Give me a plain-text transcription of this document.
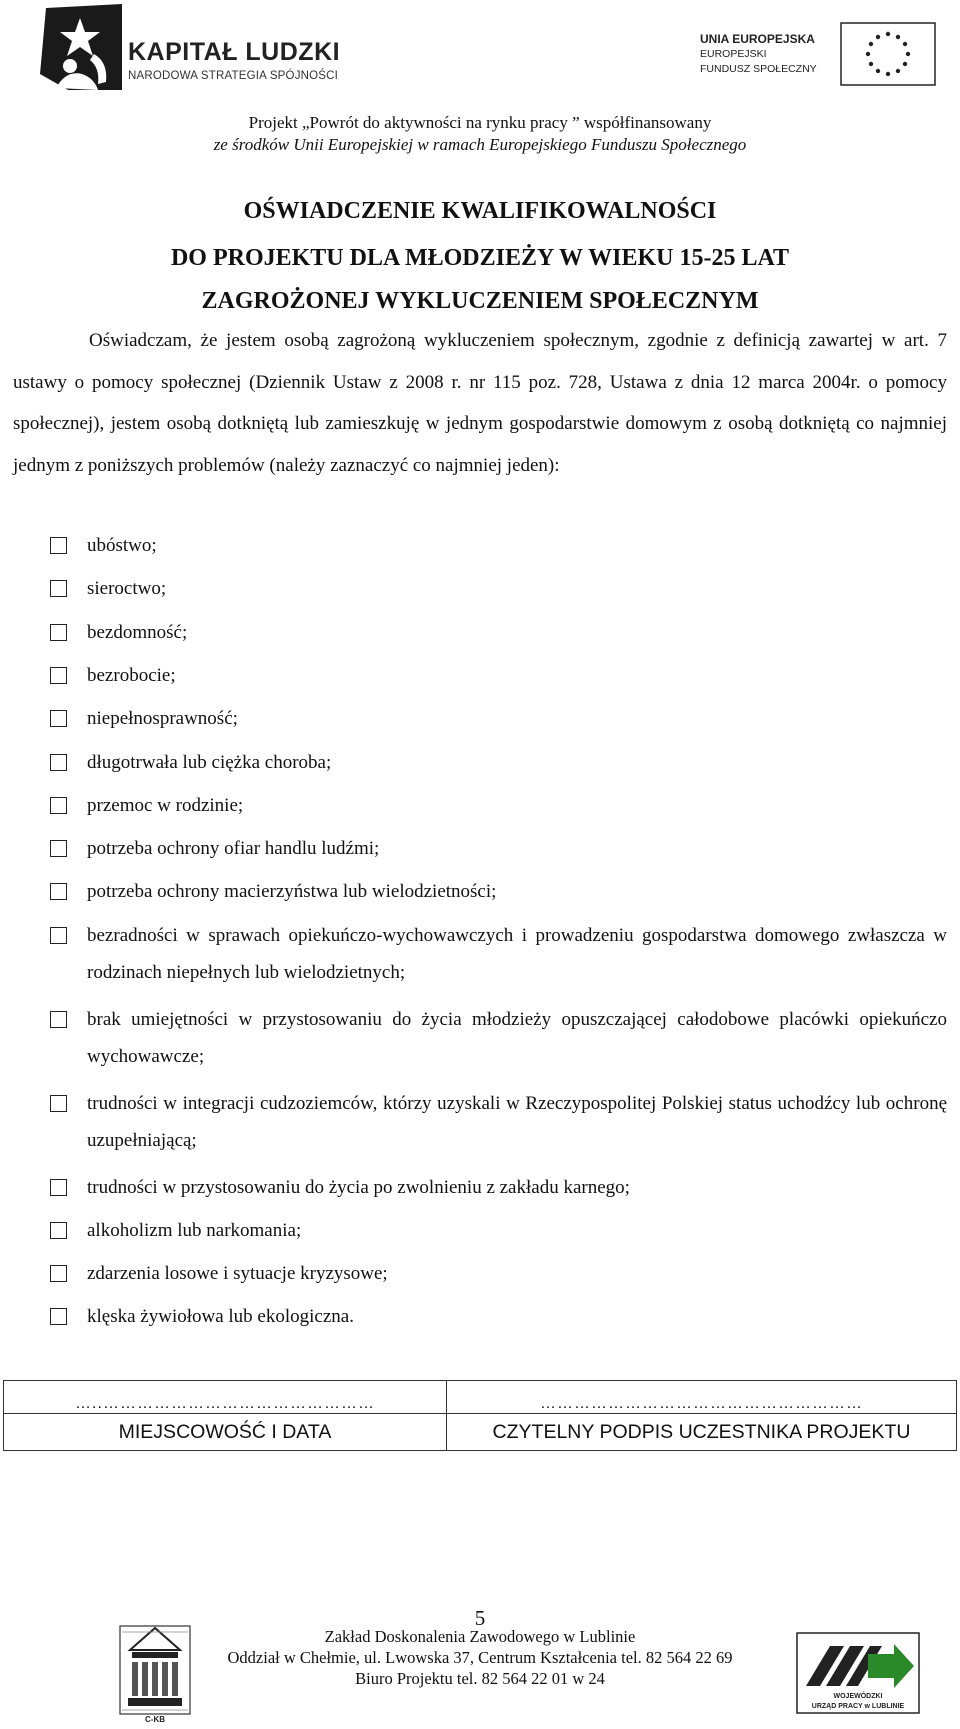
KAPITAŁ LUDZKI
NARODOWA STRATEGIA SPÓJNOŚCI
UNIA EUROPEJSKA
EUROPEJSKI
FUNDUSZ SPOŁECZNY
Projekt „Powrót do aktywności na rynku pracy ” współfinansowany
ze środków Unii Europejskiej w ramach Europejskiego Funduszu Społecznego
OŚWIADCZENIE KWALIFIKOWALNOŚCI
DO PROJEKTU DLA MŁODZIEŻY W WIEKU 15-25 LAT
ZAGROŻONEJ WYKLUCZENIEM SPOŁECZNYM
Oświadczam, że jestem osobą zagrożoną wykluczeniem społecznym, zgodnie z definicją zawartej w art. 7 ustawy o pomocy społecznej (Dziennik Ustaw z 2008 r. nr 115 poz. 728, Ustawa z dnia 12 marca 2004r. o pomocy społecznej), jestem osobą dotkniętą lub zamieszkuję w jednym gospodarstwie domowym z osobą dotkniętą co najmniej jednym z poniższych problemów (należy zaznaczyć co najmniej jeden):
ubóstwo;
sieroctwo;
bezdomność;
bezrobocie;
niepełnosprawność;
długotrwała lub ciężka choroba;
przemoc w rodzinie;
potrzeba ochrony ofiar handlu ludźmi;
potrzeba ochrony macierzyństwa lub wielodzietności;
bezradności w sprawach opiekuńczo-wychowawczych i prowadzeniu gospodarstwa domowego zwłaszcza w rodzinach niepełnych lub wielodzietnych;
brak umiejętności w przystosowaniu do życia młodzieży opuszczającej całodobowe placówki opiekuńczo wychowawcze;
trudności w integracji cudzoziemców, którzy uzyskali w Rzeczypospolitej Polskiej status uchodźcy lub ochronę uzupełniającą;
trudności w przystosowaniu do życia po zwolnieniu z zakładu karnego;
alkoholizm lub narkomania;
zdarzenia losowe i sytuacje kryzysowe;
klęska żywiołowa lub ekologiczna.
…..…………………………………………	…………………………………………………
MIEJSCOWOŚĆ I DATA	CZYTELNY PODPIS UCZESTNIKA PROJEKTU
5
Zakład Doskonalenia Zawodowego w Lublinie
Oddział w Chełmie, ul. Lwowska 37, Centrum Kształcenia tel. 82 564 22 69
Biuro Projektu tel. 82 564 22 01 w 24
C-KB
WOJEWÓDZKI
URZĄD PRACY w LUBLINIE
